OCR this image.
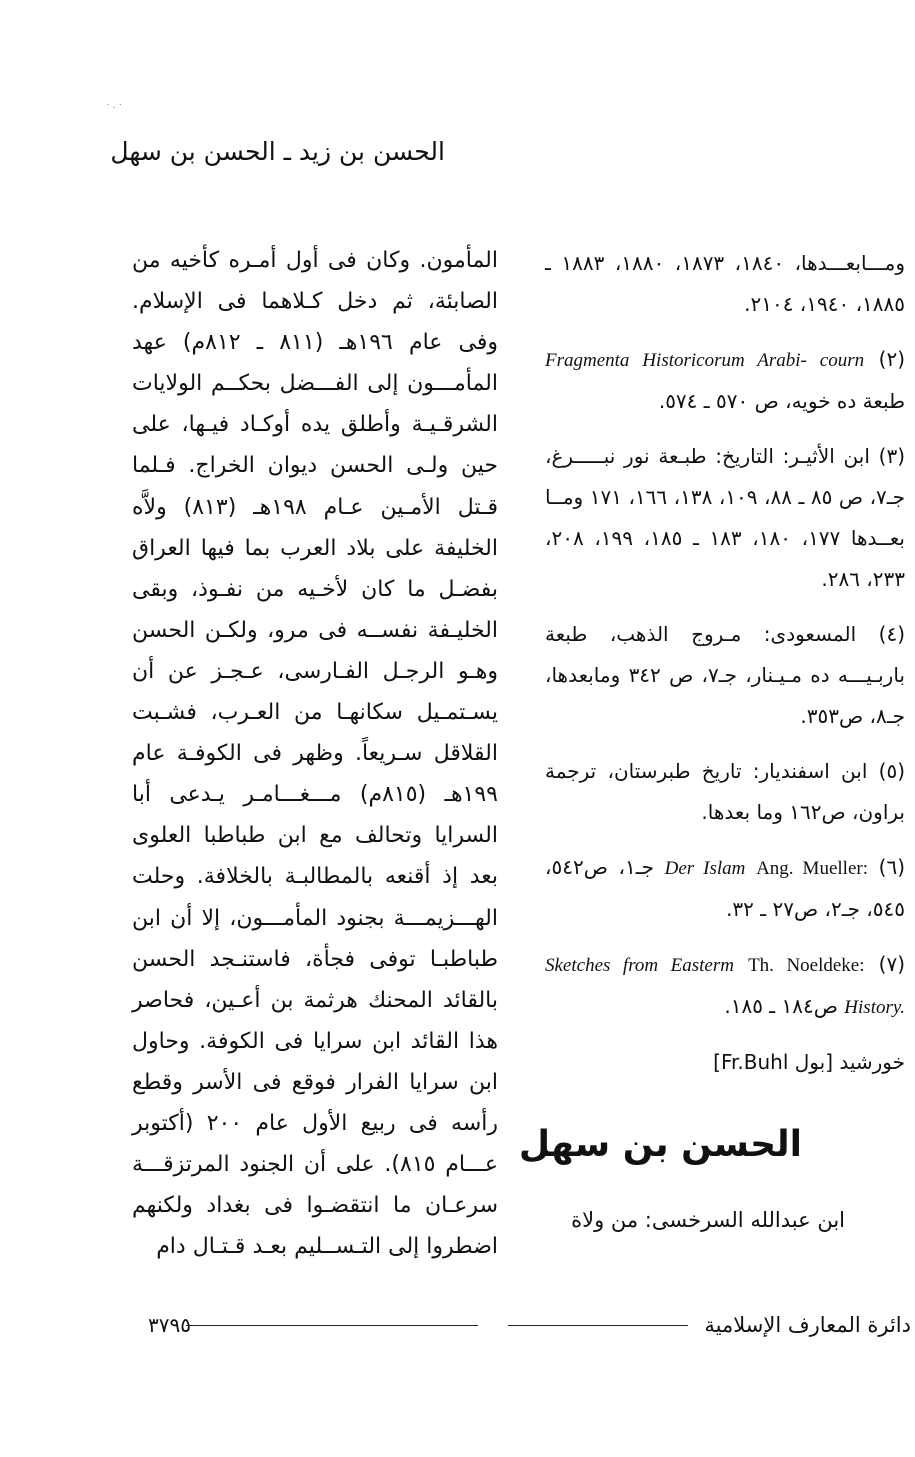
· . ·
الحسن بن زيد ـ الحسن بن سهل

المأمون. وكان فى أول أمـره كأخيه من

الصابئة، ثم دخل كـلاهما فى الإسلام.

وفى عام ١٩٦هـ (٨١١ ـ ٨١٢م) عهد

المأمـــون إلى الفـــضل بحكــم الولايات

الشرقـيـة وأطلق يده أوكـاد فيـها، على

حين ولـى الحسن ديوان الخراج. فـلما

قـتل الأمـين عـام ١٩٨هـ (٨١٣) ولاَّه

الخليفة على بلاد العرب بما فيها العراق

بفضـل ما كان لأخـيه من نفـوذ، وبقى

الخليـفة نفســه فى مرو، ولكـن الحسن

وهـو الرجـل الفـارسى، عـجـز عن أن

يسـتمـيل سكانهـا من العـرب، فشـبت

القلاقل سـريعاً. وظهر فى الكوفـة عام

١٩٩هـ (٨١٥م) مـــغـــامـر يـدعى أبا

السرايا وتحالف مع ابن طباطبا العلوى

بعد إذ أقنعه بالمطالبـة بالخلافة. وحلت

الهـــزيمـــة بجنود المأمـــون، إلا أن ابن

طباطبـا توفى فجأة، فاستنـجد الحسن

بالقائد المحنك هرثمة بن أعـين، فحاصر

هذا القائد ابن سرايا فى الكوفة. وحاول

ابن سرايا الفرار فوقع فى الأسر وقطع

رأسه فى ربيع الأول عام ٢٠٠ (أكتوبر

عـــام ٨١٥). على أن الجنود المرتزقـــة

سرعـان ما انتقضـوا فى بغداد ولكنهم

اضطروا إلى التـســليم بعـد قـتـال دام

ومـــابعـــدها، ١٨٤٠، ١٨٧٣، ١٨٨٠، ١٨٨٣ ـ ١٨٨٥، ١٩٤٠، ٢١٠٤.

(٢) Fragmenta Historicorum Arabi- courn طبعة ده خويه، ص ٥٧٠ ـ ٥٧٤.

(٣) ابن الأثيـر: التاريخ: طبـعة نور نبـــــرغ، جـ٧، ص ٨٥ ـ ٨٨، ١٠٩، ١٣٨، ١٦٦، ١٧١ ومــا بعــدها ١٧٧، ١٨٠، ١٨٣ ـ ١٨٥، ١٩٩، ٢٠٨، ٢٣٣، ٢٨٦.

(٤) المسعودى: مـروج الذهب، طبعة باربـيـــه ده مـيـنار، جـ٧، ص ٣٤٢ ومابعدها، جـ٨، ص٣٥٣.

(٥) ابن اسفنديار: تاريخ طبرستان، ترجمة براون، ص١٦٢ وما بعدها.

(٦) Ang. Mueller: Der Islam جـ١، ص٥٤٢، ٥٤٥، جـ٢، ص٢٧ ـ ٣٢.

(٧) Th. Noeldeke: Sketches from Easterm History. ص١٨٤ ـ ١٨٥.

خورشيد [بول Fr.Buhl]

الحسن بن سهل
ابن عبدالله السرخسى: من ولاة
٣٧٩٥	دائرة المعارف الإسلامية
